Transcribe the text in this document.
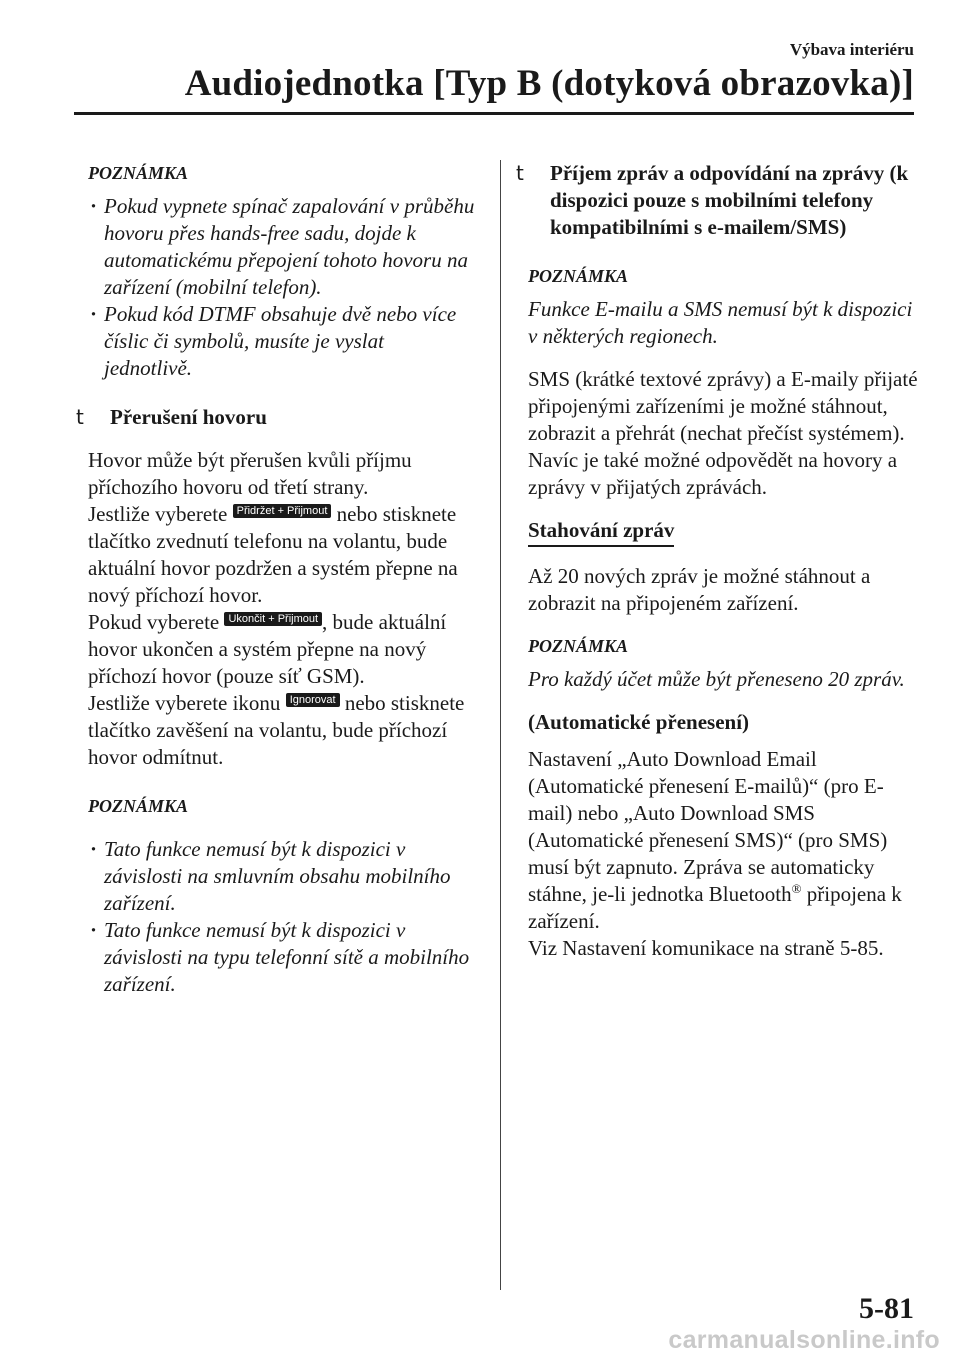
Výbava interiéru
Audiojednotka [Typ B (dotyková obrazovka)]

POZNÁMKA

· Pokud vypnete spínač zapalování v průběhu hovoru přes hands-free sadu, dojde k automatickému přepojení tohoto hovoru na zařízení (mobilní telefon).
· Pokud kód DTMF obsahuje dvě nebo více číslic či symbolů, musíte je vyslat jednotlivě.

t Přerušení hovoru

Hovor může být přerušen kvůli příjmu příchozího hovoru od třetí strany.

Jestliže vyberete Přidržet + Přijmout nebo stisknete tlačítko zvednutí telefonu na volantu, bude aktuální hovor pozdržen a systém přepne na nový příchozí hovor.

Pokud vyberete Ukončit + Přijmout , bude aktuální hovor ukončen a systém přepne na nový příchozí hovor (pouze síť GSM).

Jestliže vyberete ikonu Ignorovat nebo stisknete tlačítko zavěšení na volantu, bude příchozí hovor odmítnut.

POZNÁMKA

· Tato funkce nemusí být k dispozici v závislosti na smluvním obsahu mobilního zařízení.
· Tato funkce nemusí být k dispozici v závislosti na typu telefonní sítě a mobilního zařízení.

t Příjem zpráv a odpovídání na zprávy (k dispozici pouze s mobilními telefony kompatibilními s e-mailem/SMS)

POZNÁMKA

Funkce E-mailu a SMS nemusí být k dispozici v některých regionech.

SMS (krátké textové zprávy) a E-maily přijaté připojenými zařízeními je možné stáhnout, zobrazit a přehrát (nechat přečíst systémem).

Navíc je také možné odpovědět na hovory a zprávy v přijatých zprávách.

Stahování zpráv

Až 20 nových zpráv je možné stáhnout a zobrazit na připojeném zařízení.

POZNÁMKA

Pro každý účet může být přeneseno 20 zpráv.

(Automatické přenesení)

Nastavení „Auto Download Email (Automatické přenesení E-mailů)“ (pro E-mail) nebo „Auto Download SMS (Automatické přenesení SMS)“ (pro SMS) musí být zapnuto. Zpráva se automaticky stáhne, je-li jednotka Bluetooth® připojena k zařízení.

Viz Nastavení komunikace na straně 5-85.

5-81
carmanualsonline.info
